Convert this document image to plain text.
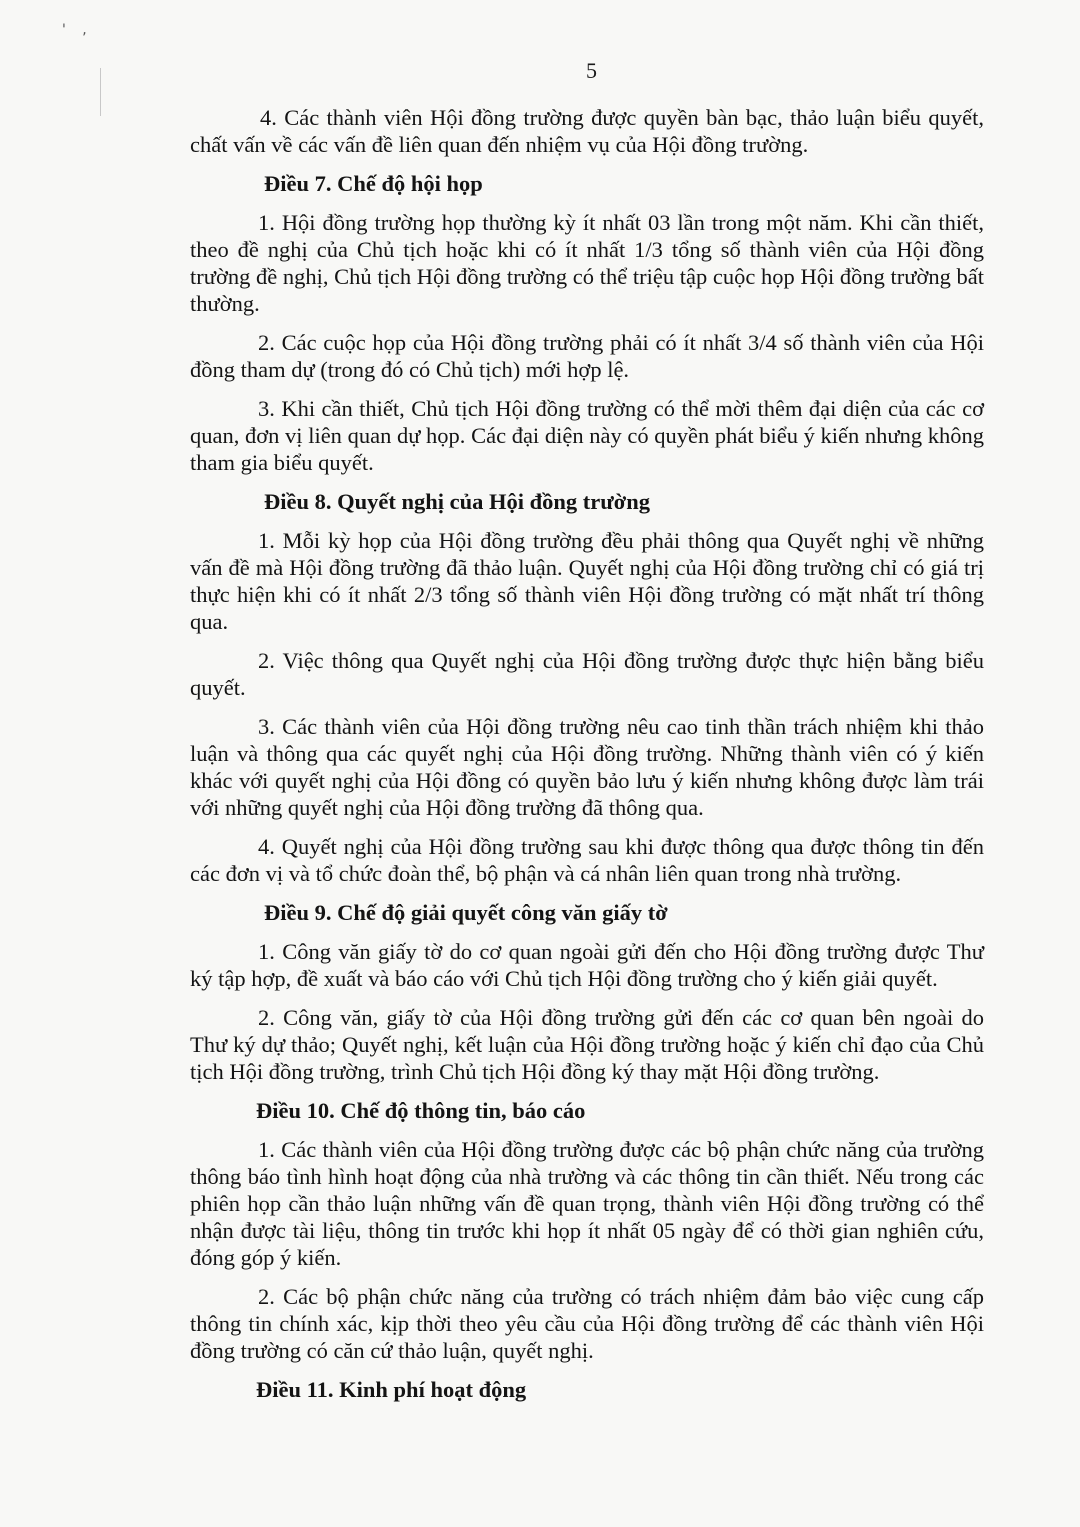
' ,
5

4. Các thành viên Hội đồng trường được quyền bàn bạc, thảo luận biểu quyết, chất vấn về các vấn đề liên quan đến nhiệm vụ của Hội đồng trường.

Điều 7. Chế độ hội họp

1. Hội đồng trường họp thường kỳ ít nhất 03 lần trong một năm. Khi cần thiết, theo đề nghị của Chủ tịch hoặc khi có ít nhất 1/3 tổng số thành viên của Hội đồng trường đề nghị, Chủ tịch Hội đồng trường có thể triệu tập cuộc họp Hội đồng trường bất thường.

2. Các cuộc họp của Hội đồng trường phải có ít nhất 3/4 số thành viên của Hội đồng tham dự (trong đó có Chủ tịch) mới hợp lệ.

3. Khi cần thiết, Chủ tịch Hội đồng trường có thể mời thêm đại diện của các cơ quan, đơn vị liên quan dự họp. Các đại diện này có quyền phát biểu ý kiến nhưng không tham gia biểu quyết.

Điều 8. Quyết nghị của Hội đồng trường

1. Mỗi kỳ họp của Hội đồng trường đều phải thông qua Quyết nghị về những vấn đề mà Hội đồng trường đã thảo luận. Quyết nghị của Hội đồng trường chỉ có giá trị thực hiện khi có ít nhất 2/3 tổng số thành viên Hội đồng trường có mặt nhất trí thông qua.

2. Việc thông qua Quyết nghị của Hội đồng trường được thực hiện bằng biểu quyết.

3. Các thành viên của Hội đồng trường nêu cao tinh thần trách nhiệm khi thảo luận và thông qua các quyết nghị của Hội đồng trường. Những thành viên có ý kiến khác với quyết nghị của Hội đồng có quyền bảo lưu ý kiến nhưng không được làm trái với những quyết nghị của Hội đồng trường đã thông qua.

4. Quyết nghị của Hội đồng trường sau khi được thông qua được thông tin đến các đơn vị và tổ chức đoàn thể, bộ phận và cá nhân liên quan trong nhà trường.

Điều 9. Chế độ giải quyết công văn giấy tờ

1. Công văn giấy tờ do cơ quan ngoài gửi đến cho Hội đồng trường được Thư ký tập hợp, đề xuất và báo cáo với Chủ tịch Hội đồng trường cho ý kiến giải quyết.

2. Công văn, giấy tờ của Hội đồng trường gửi đến các cơ quan bên ngoài do Thư ký dự thảo; Quyết nghị, kết luận của Hội đồng trường hoặc ý kiến chỉ đạo của Chủ tịch Hội đồng trường, trình Chủ tịch Hội đồng ký thay mặt Hội đồng trường.

Điều 10. Chế độ thông tin, báo cáo

1. Các thành viên của Hội đồng trường được các bộ phận chức năng của trường thông báo tình hình hoạt động của nhà trường và các thông tin cần thiết. Nếu trong các phiên họp cần thảo luận những vấn đề quan trọng, thành viên Hội đồng trường có thể nhận được tài liệu, thông tin trước khi họp ít nhất 05 ngày để có thời gian nghiên cứu, đóng góp ý kiến.

2. Các bộ phận chức năng của trường có trách nhiệm đảm bảo việc cung cấp thông tin chính xác, kịp thời theo yêu cầu của Hội đồng trường để các thành viên Hội đồng trường có căn cứ thảo luận, quyết nghị.

Điều 11. Kinh phí hoạt động
